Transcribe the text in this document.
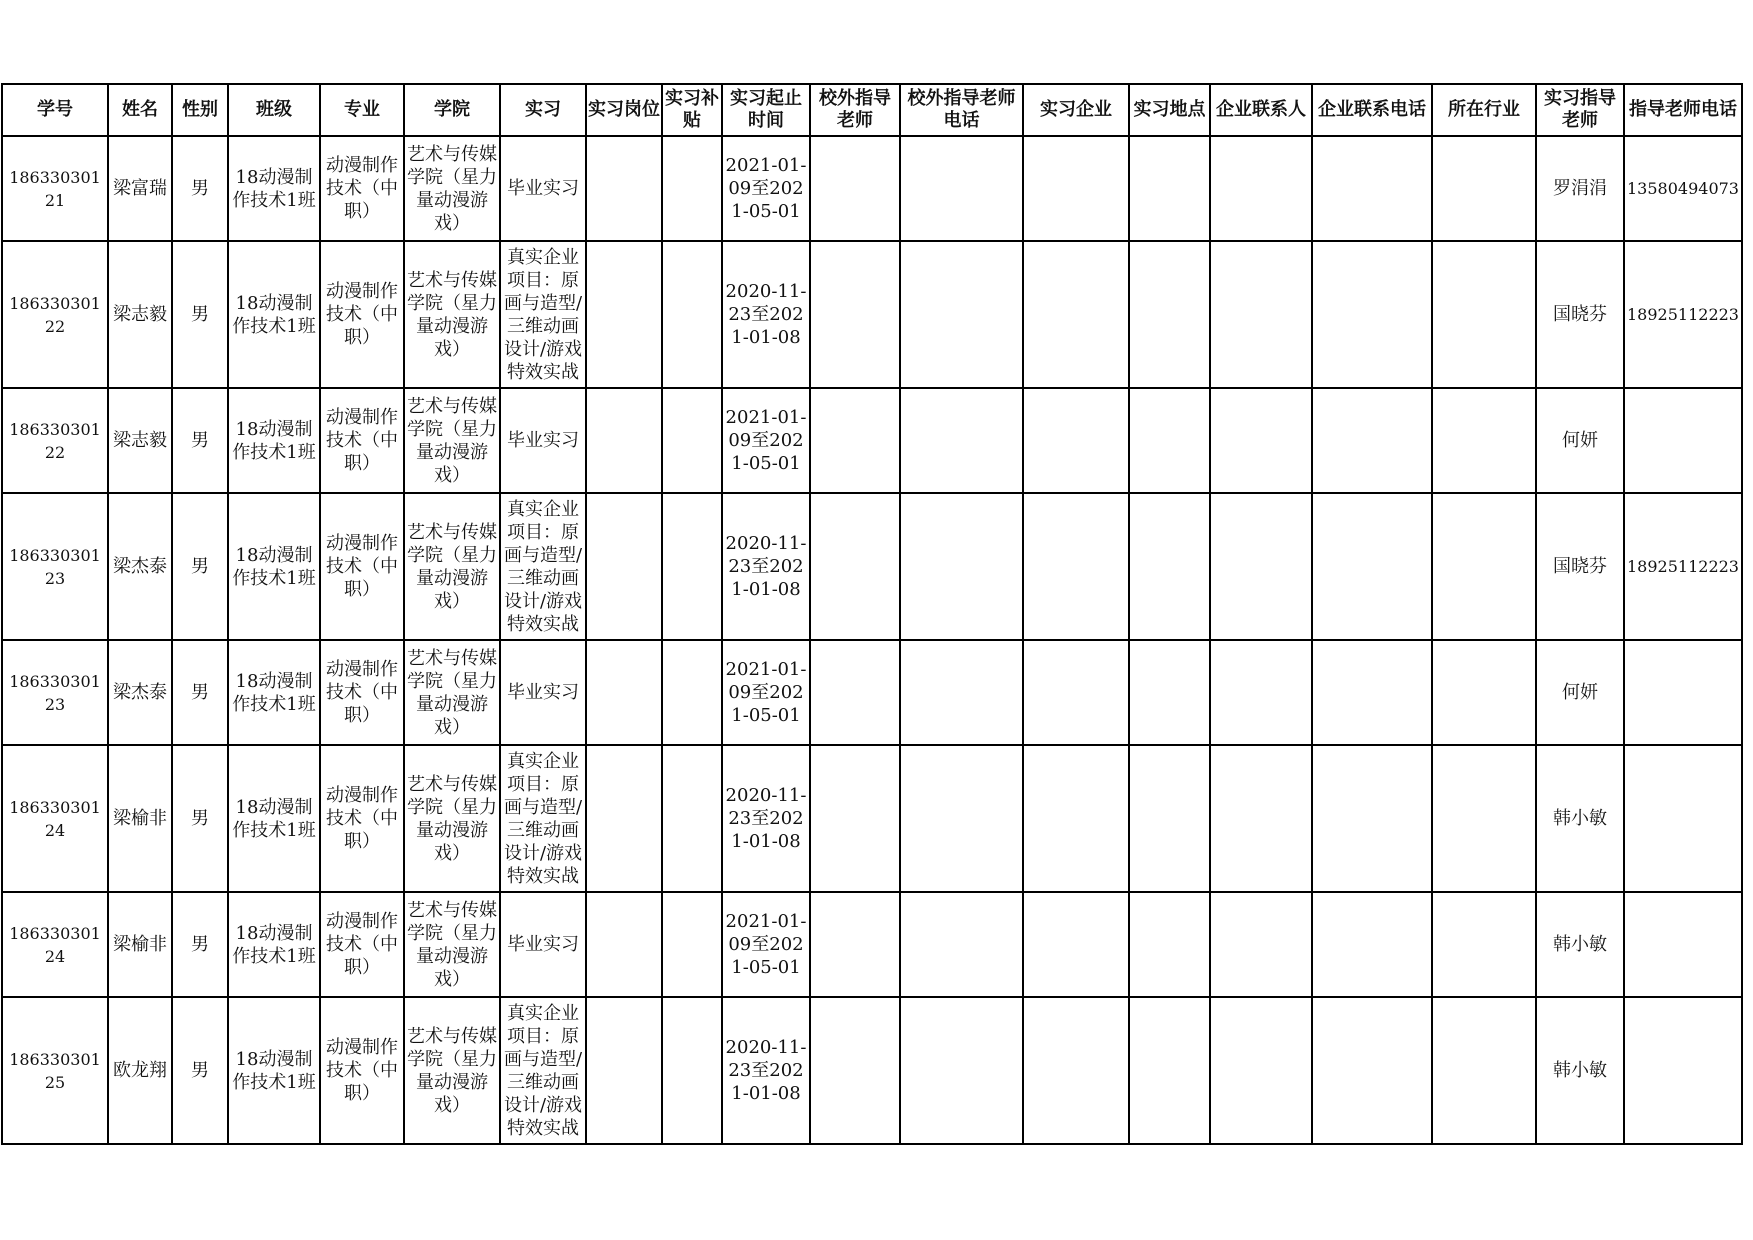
学号	姓名	性别	班级	专业	学院	实习	实习岗位	实习补贴	实习起止时间	校外指导老师	校外指导老师电话	实习企业	实习地点	企业联系人	企业联系电话	所在行业	实习指导老师	指导老师电话

18633030121	梁富瑞	男	18动漫制作技术1班	动漫制作技术（中职）	艺术与传媒学院（星力量动漫游戏）	毕业实习			2021-01-09至2021-05-01								罗涓涓	13580494073

18633030122	梁志毅	男	18动漫制作技术1班	动漫制作技术（中职）	艺术与传媒学院（星力量动漫游戏）	真实企业项目：原画与造型/三维动画设计/游戏特效实战			2020-11-23至2021-01-08								国晓芬	18925112223

18633030122	梁志毅	男	18动漫制作技术1班	动漫制作技术（中职）	艺术与传媒学院（星力量动漫游戏）	毕业实习			2021-01-09至2021-05-01								何妍	

18633030123	梁杰泰	男	18动漫制作技术1班	动漫制作技术（中职）	艺术与传媒学院（星力量动漫游戏）	真实企业项目：原画与造型/三维动画设计/游戏特效实战			2020-11-23至2021-01-08								国晓芬	18925112223

18633030123	梁杰泰	男	18动漫制作技术1班	动漫制作技术（中职）	艺术与传媒学院（星力量动漫游戏）	毕业实习			2021-01-09至2021-05-01								何妍	

18633030124	梁榆非	男	18动漫制作技术1班	动漫制作技术（中职）	艺术与传媒学院（星力量动漫游戏）	真实企业项目：原画与造型/三维动画设计/游戏特效实战			2020-11-23至2021-01-08								韩小敏	

18633030124	梁榆非	男	18动漫制作技术1班	动漫制作技术（中职）	艺术与传媒学院（星力量动漫游戏）	毕业实习			2021-01-09至2021-05-01								韩小敏	

18633030125	欧龙翔	男	18动漫制作技术1班	动漫制作技术（中职）	艺术与传媒学院（星力量动漫游戏）	真实企业项目：原画与造型/三维动画设计/游戏特效实战			2020-11-23至2021-01-08								韩小敏	
